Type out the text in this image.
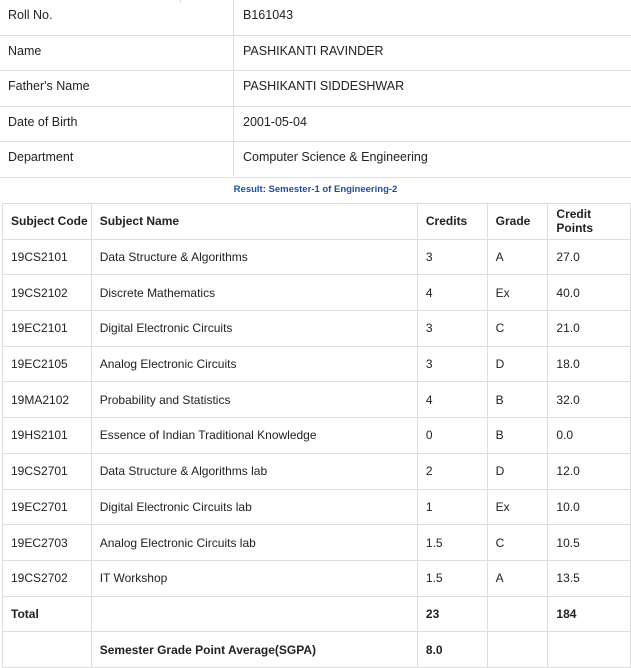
Roll No.	B161043
Name	PASHIKANTI RAVINDER
Father's Name	PASHIKANTI SIDDESHWAR
Date of Birth	2001-05-04
Department	Computer Science & Engineering
Result: Semester-1 of Engineering-2
Subject Code	Subject Name	Credits	Grade	Credit Points
19CS2101	Data Structure & Algorithms	3	A	27.0
19CS2102	Discrete Mathematics	4	Ex	40.0
19EC2101	Digital Electronic Circuits	3	C	21.0
19EC2105	Analog Electronic Circuits	3	D	18.0
19MA2102	Probability and Statistics	4	B	32.0
19HS2101	Essence of Indian Traditional Knowledge	0	B	0.0
19CS2701	Data Structure & Algorithms lab	2	D	12.0
19EC2701	Digital Electronic Circuits lab	1	Ex	10.0
19EC2703	Analog Electronic Circuits lab	1.5	C	10.5
19CS2702	IT Workshop	1.5	A	13.5
Total		23		184
	Semester Grade Point Average(SGPA)	8.0		
